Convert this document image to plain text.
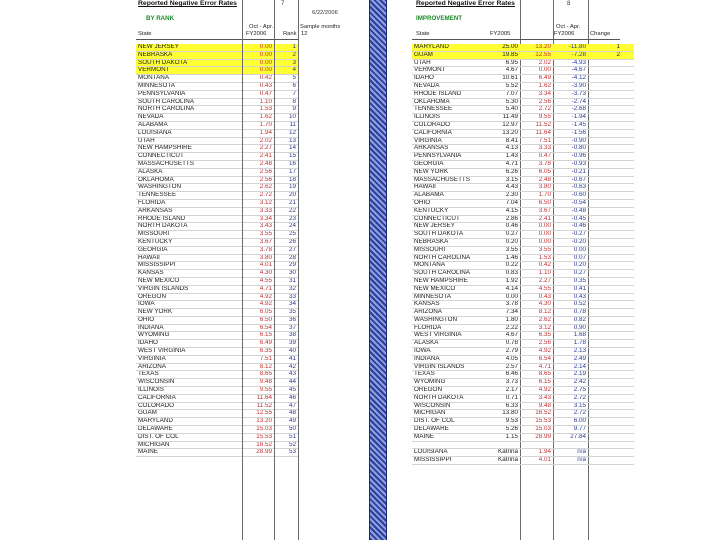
Reported Negative Error Rates	7
6/22/2006
BY RANK
Oct - Apr.
FY2006
State	Rank
Sample months
12
NEW JERSEY	0.00	1
NEBRASKA	0.00	2
SOUTH DAKOTA	0.00	3
VERMONT	0.00	4
MONTANA	0.42	5
MINNESOTA	0.43	6
PENNSYLVANIA	0.47	7
SOUTH CAROLINA	1.10	8
NORTH CAROLINA	1.53	9
NEVADA	1.62	10
ALABAMA	1.70	11
LOUISIANA	1.94	12
UTAH	2.02	13
NEW HAMPSHIRE	2.27	14
CONNECTICUT	2.41	15
MASSACHUSETTS	2.48	16
ALASKA	2.56	17
OKLAHOMA	2.56	18
WASHINGTON	2.62	19
TENNESSEE	2.72	20
FLORIDA	3.12	21
ARKANSAS	3.33	22
RHODE ISLAND	3.34	23
NORTH DAKOTA	3.43	24
MISSOURI	3.55	25
KENTUCKY	3.67	26
GEORGIA	3.78	27
HAWAII	3.80	28
MISSISSIPPI	4.01	29
KANSAS	4.30	30
NEW MEXICO	4.55	31
VIRGIN ISLANDS	4.71	32
OREGON	4.92	33
IOWA	4.92	34
NEW YORK	6.05	35
OHIO	6.50	36
INDIANA	6.54	37
WYOMING	6.15	38
IDAHO	6.49	39
WEST VIRGINIA	6.35	40
VIRGINIA	7.51	41
ARIZONA	8.12	42
TEXAS	8.65	43
WISCONSIN	9.48	44
ILLINOIS	9.55	45
CALIFORNIA	11.64	46
COLORADO	11.52	47
GUAM	12.55	48
MARYLAND	13.20	49
DELAWARE	15.03	50
DIST. OF COL	15.53	51
MICHIGAN	16.52	52
MAINE	28.99	53
Reported Negative Error Rates	8
IMPROVEMENT
Oct - Apr.
State	FY2005	FY2006	Change
MARYLAND	25.00	13.20	-11.80	1	
GUAM	19.85	12.55	-7.28	2	
UTAH	6.95	2.02	-4.93		
VERMONT	4.67	0.00	-4.67		
IDAHO	10.61	6.49	-4.12		
NEVADA	5.52	1.62	-3.90		
RHODE ISLAND	7.07	3.34	-3.73		
OKLAHOMA	5.30	2.56	-2.74		
TENNESSEE	5.40	2.72	-2.68		
ILLINOIS	11.49	9.55	-1.94		
COLORADO	12.97	11.52	-1.45		
CALIFORNIA	13.20	11.64	-1.56		
VIRGINIA	8.41	7.51	-0.90		
ARKANSAS	4.13	3.33	-0.80		
PENNSYLVANIA	1.43	0.47	-0.96		
GEORGIA	4.71	3.78	-0.93		
NEW YORK	6.26	6.05	-0.21		
MASSACHUSETTS	3.15	2.48	-0.67		
HAWAII	4.43	3.80	-0.63		
ALABAMA	2.30	1.70	-0.60		
OHIO	7.04	6.50	-0.54		
KENTUCKY	4.15	3.67	-0.48		
CONNECTICUT	2.86	2.41	-0.45		
NEW JERSEY	0.46	0.00	-0.46		
SOUTH DAKOTA	0.27	0.00	-0.27		
NEBRASKA	0.20	0.00	-0.20		
MISSOURI	3.55	3.55	0.00		
NORTH CAROLINA	1.46	1.53	0.07		
MONTANA	0.22	0.42	0.20		
SOUTH CAROLINA	0.83	1.10	0.27		
NEW HAMPSHIRE	1.92	2.27	0.35		
NEW MEXICO	4.14	4.55	0.41		
MINNESOTA	0.00	0.43	0.43		
KANSAS	3.78	4.30	0.52		
ARIZONA	7.34	8.12	0.78		
WASHINGTON	1.80	2.62	0.82		
FLORIDA	2.22	3.12	0.90		
WEST VIRGINIA	4.67	6.35	1.68		
ALASKA	0.78	2.56	1.78		
IOWA	2.79	4.92	2.13		
INDIANA	4.05	6.54	2.49		
VIRGIN ISLANDS	2.57	4.71	2.14		
TEXAS	6.46	8.65	2.19		
WYOMING	3.73	6.15	2.42		
OREGON	2.17	4.92	2.75		
NORTH DAKOTA	0.71	3.43	2.72		
WISCONSIN	6.33	9.48	3.15		
MICHIGAN	13.80	16.52	2.72		
DIST. OF COL	9.53	15.53	6.00		
DELAWARE	5.26	15.03	9.77		
MAINE	1.15	28.99	27.84		

LOUISIANA	Katrina	1.94	n/a		
MISSISSIPPI	Katrina	4.01	n/a		
